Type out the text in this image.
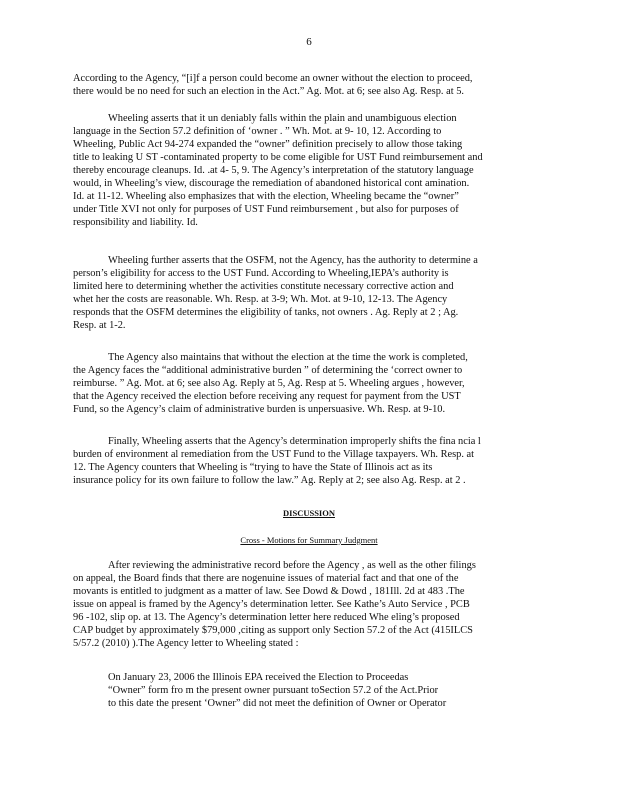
6

According to the Agency, “[i]f a person could become an owner without the election to proceed,

there would be no need for such an election in the Act.” Ag. Mot. at 6; see also Ag. Resp. at 5.

Wheeling asserts that it un deniably falls within the plain and unambiguous election

language in the Section 57.2 definition of ‘owner . ” Wh. Mot. at 9- 10, 12. According to

Wheeling, Public Act 94-274 expanded the “owner” definition precisely to allow those taking

title to leaking U ST -contaminated property to be come eligible for UST Fund reimbursement and

thereby encourage cleanups. Id. .at 4- 5, 9. The Agency’s interpretation of the statutory language

would, in Wheeling’s view, discourage the remediation of abandoned historical cont amination.

Id. at 11-12. Wheeling also emphasizes that with the election, Wheeling became the “owner”

under Title XVI not only for purposes of UST Fund reimbursement , but also for purposes of

responsibility and liability. Id.

Wheeling further asserts that the OSFM, not the Agency, has the authority to determine a

person’s eligibility for access to the UST Fund. According to Wheeling,IEPA’s authority is

limited here to determining whether the activities constitute necessary corrective action and

whet her the costs are reasonable. Wh. Resp. at 3-9; Wh. Mot. at 9-10, 12-13. The Agency

responds that the OSFM determines the eligibility of tanks, not owners . Ag. Reply at 2 ; Ag.

Resp. at 1-2.

The Agency also maintains that without the election at the time the work is completed,

the Agency faces the “additional administrative burden ” of determining the ‘correct owner to

reimburse. ” Ag. Mot. at 6; see also Ag. Reply at 5, Ag. Resp at 5. Wheeling argues , however,

that the Agency received the election before receiving any request for payment from the UST

Fund, so the Agency’s claim of administrative burden is unpersuasive. Wh. Resp. at 9-10.

Finally, Wheeling asserts that the Agency’s determination improperly shifts the fina ncia l

burden of environment al remediation from the UST Fund to the Village taxpayers. Wh. Resp. at

12. The Agency counters that Wheeling is “trying to have the State of Illinois act as its

insurance policy for its own failure to follow the law.” Ag. Reply at 2; see also Ag. Resp. at 2 .

DISCUSSION
Cross - Motions for Summary Judgment

After reviewing the administrative record before the Agency , as well as the other filings

on appeal, the Board finds that there are nogenuine issues of material fact and that one of the

movants is entitled to judgment as a matter of law. See Dowd & Dowd , 181Ill. 2d at 483 .The

issue on appeal is framed by the Agency’s determination letter. See Kathe’s Auto Service , PCB

96 -102, slip op. at 13. The Agency’s determination letter here reduced Whe eling’s proposed

CAP budget by approximately $79,000 ,citing as support only Section 57.2 of the Act (415ILCS

5/57.2 (2010) ).The Agency letter to Wheeling stated :

On January 23, 2006 the Illinois EPA received the Election to Proceedas

“Owner” form fro m the present owner pursuant toSection 57.2 of the Act.Prior

to this date the present ‘Owner” did not meet the definition of Owner or Operator
